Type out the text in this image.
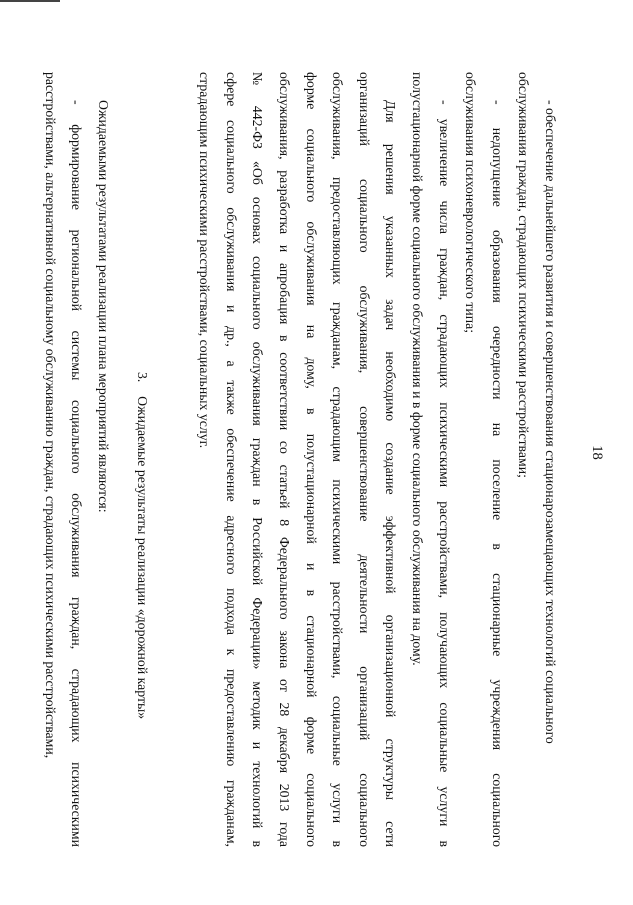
18
- обеспечение дальнейшего развития и совершенствования стационарозамещающих технологий социального
обслуживания граждан, страдающих психическими расстройствами;
- недопущение образования очередности на поселение в стационарные учреждения социального
обслуживания психоневрологического типа;
- увеличение числа граждан, страдающих психическими расстройствами, получающих социальные услуги в
полустационарной форме социального обслуживания и в форме социального обслуживания на дому.
Для решения указанных задач необходимо создание эффективной организационной структуры сети
организаций социального обслуживания, совершенствование деятельности организаций социального
обслуживания, предоставляющих гражданам, страдающим психическими расстройствами, социальные услуги в
форме социального обслуживания на дому, в полустационарной и в стационарной форме социального
обслуживания, разработка и апробация в соответствии со статьей 8 Федерального закона от 28 декабря 2013 года
№ 442-ФЗ «Об основах социального обслуживания граждан в Российской Федерации» методик и технологий в
сфере социального обслуживания и др., а также обеспечение адресного подхода к предоставлению гражданам,
страдающим психическими расстройствами, социальных услуг.
3.    Ожидаемые результаты реализации «дорожной карты»
Ожидаемыми результатами реализации плана мероприятий являются:
- формирование региональной системы социального обслуживания граждан, страдающих психическими
расстройствами, альтернативной социальному обслуживанию граждан, страдающих психическими расстройствами,
